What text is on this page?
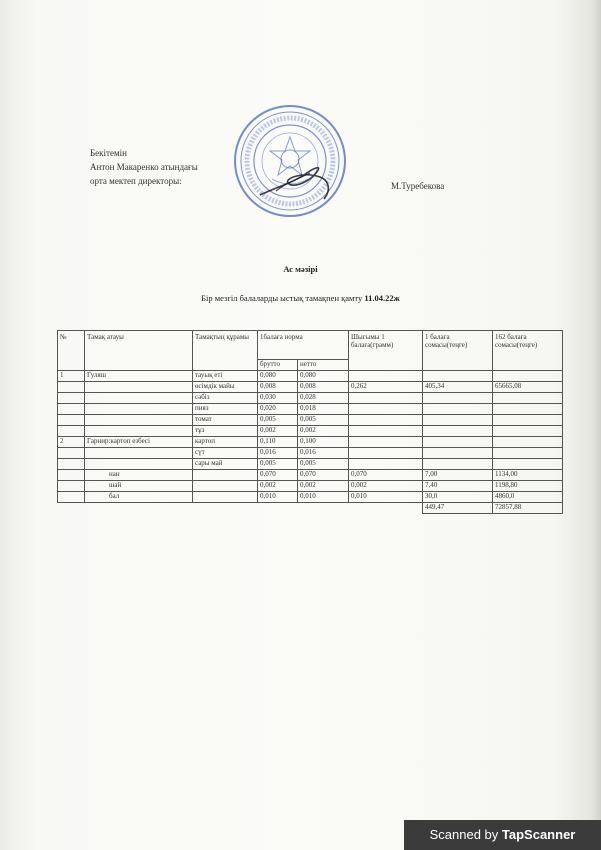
Бекітемін
Антон Макаренко атындағы
орта мектеп директоры:	М.Туребекова
Ас мәзірі
Бір мезгіл балаларды ыстық тамақпен қамту 11.04.22ж
№	Тамақ атауы	Тамақтың құрамы	1балаға норма		Шығымы 1 балаға(грамм)	1 балаға сомасы(теңге)	162 балаға сомасы(теңге)
			брутто	нетто			
1	Гуляш	тауық еті	0,080	0,080			
		өсімдік майы	0,008	0,008	0,262	405,34	65665,08
		сәбіз	0,030	0,028			
		пияз	0,020	0,018			
		томат	0,005	0,005			
		тұз	0,002	0,002			
2	Гарнир:картоп езбесі	картоп	0,110	0,100			
		сүт	0,016	0,016			
		сары май	0,005	0,005			
	нан		0,070	0,070	0,070	7,00	1134,00
	шай		0,002	0,002	0,002	7,40	1198,80
	бал		0,010	0,010	0,010	30,0	4860,0
						449,47	72857,88
Scanned by TapScanner
